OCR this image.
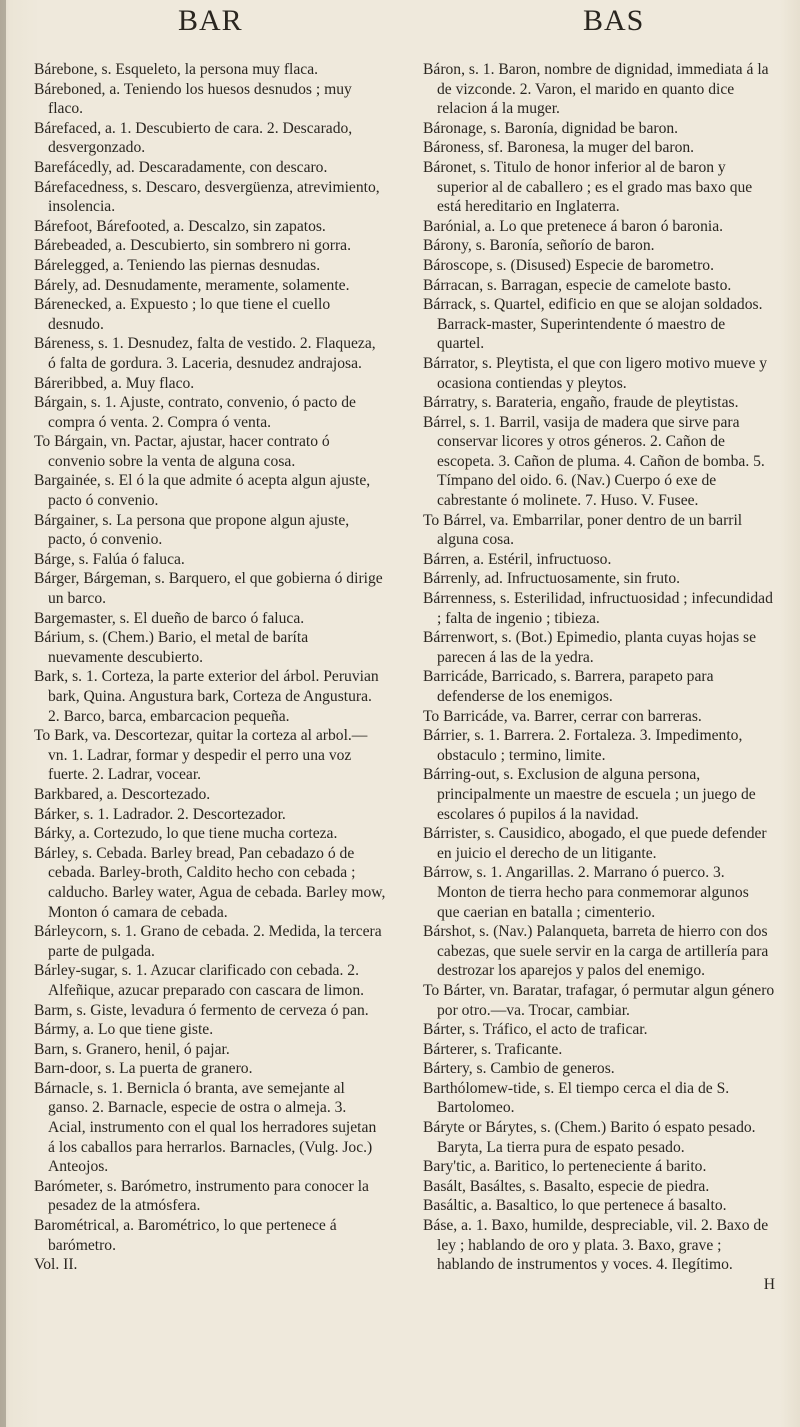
BAR	BAS

Bárebone, s. Esqueleto, la persona muy flaca.

Báreboned, a. Teniendo los huesos desnudos ; muy flaco.

Bárefaced, a. 1. Descubierto de cara. 2. Descarado, desvergonzado.

Barefácedly, ad. Descaradamente, con descaro.

Bárefacedness, s. Descaro, desvergüenza, atrevimiento, insolencia.

Bárefoot, Bárefooted, a. Descalzo, sin zapatos.

Bárebeaded, a. Descubierto, sin sombrero ni gorra.

Bárelegged, a. Teniendo las piernas desnudas.

Bárely, ad. Desnudamente, meramente, solamente.

Bárenecked, a. Expuesto ; lo que tiene el cuello desnudo.

Báreness, s. 1. Desnudez, falta de vestido. 2. Flaqueza, ó falta de gordura. 3. Laceria, desnudez andrajosa.

Báreribbed, a. Muy flaco.

Bárgain, s. 1. Ajuste, contrato, convenio, ó pacto de compra ó venta. 2. Compra ó venta.

To Bárgain, vn. Pactar, ajustar, hacer contrato ó convenio sobre la venta de alguna cosa.

Bargainée, s. El ó la que admite ó acepta algun ajuste, pacto ó convenio.

Bárgainer, s. La persona que propone algun ajuste, pacto, ó convenio.

Bárge, s. Falúa ó faluca.

Bárger, Bárgeman, s. Barquero, el que gobierna ó dirige un barco.

Bargemaster, s. El dueño de barco ó faluca.

Bárium, s. (Chem.) Bario, el metal de baríta nuevamente descubierto.

Bark, s. 1. Corteza, la parte exterior del árbol. Peruvian bark, Quina. Angustura bark, Corteza de Angustura. 2. Barco, barca, embarcacion pequeña.

To Bark, va. Descortezar, quitar la corteza al arbol.—vn. 1. Ladrar, formar y despedir el perro una voz fuerte. 2. Ladrar, vocear.

Barkbared, a. Descortezado.

Bárker, s. 1. Ladrador. 2. Descortezador.

Bárky, a. Cortezudo, lo que tiene mucha corteza.

Bárley, s. Cebada. Barley bread, Pan cebadazo ó de cebada. Barley-broth, Caldito hecho con cebada ; calducho. Barley water, Agua de cebada. Barley mow, Monton ó camara de cebada.

Bárleycorn, s. 1. Grano de cebada. 2. Medida, la tercera parte de pulgada.

Bárley-sugar, s. 1. Azucar clarificado con cebada. 2. Alfeñique, azucar preparado con cascara de limon.

Barm, s. Giste, levadura ó fermento de cerveza ó pan.

Bármy, a. Lo que tiene giste.

Barn, s. Granero, henil, ó pajar.

Barn-door, s. La puerta de granero.

Bárnacle, s. 1. Bernicla ó branta, ave semejante al ganso. 2. Barnacle, especie de ostra o almeja. 3. Acial, instrumento con el qual los herradores sujetan á los caballos para herrarlos. Barnacles, (Vulg. Joc.) Anteojos.

Barómeter, s. Barómetro, instrumento para conocer la pesadez de la atmósfera.

Barométrical, a. Barométrico, lo que pertenece á barómetro.

Vol. II.

Báron, s. 1. Baron, nombre de dignidad, immediata á la de vizconde. 2. Varon, el marido en quanto dice relacion á la muger.

Báronage, s. Baronía, dignidad be baron.

Bároness, sf. Baronesa, la muger del baron.

Báronet, s. Titulo de honor inferior al de baron y superior al de caballero ; es el grado mas baxo que está hereditario en Inglaterra.

Barónial, a. Lo que pretenece á baron ó baronia.

Bárony, s. Baronía, señorío de baron.

Bároscope, s. (Disused) Especie de barometro.

Bárracan, s. Barragan, especie de camelote basto.

Bárrack, s. Quartel, edificio en que se alojan soldados. Barrack-master, Superintendente ó maestro de quartel.

Bárrator, s. Pleytista, el que con ligero motivo mueve y ocasiona contiendas y pleytos.

Bárratry, s. Barateria, engaño, fraude de pleytistas.

Bárrel, s. 1. Barril, vasija de madera que sirve para conservar licores y otros géneros. 2. Cañon de escopeta. 3. Cañon de pluma. 4. Cañon de bomba. 5. Tímpano del oido. 6. (Nav.) Cuerpo ó exe de cabrestante ó molinete. 7. Huso. V. Fusee.

To Bárrel, va. Embarrilar, poner dentro de un barril alguna cosa.

Bárren, a. Estéril, infructuoso.

Bárrenly, ad. Infructuosamente, sin fruto.

Bárrenness, s. Esterilidad, infructuosidad ; infecundidad ; falta de ingenio ; tibieza.

Bárrenwort, s. (Bot.) Epimedio, planta cuyas hojas se parecen á las de la yedra.

Barricáde, Barricado, s. Barrera, parapeto para defenderse de los enemigos.

To Barricáde, va. Barrer, cerrar con barreras.

Bárrier, s. 1. Barrera. 2. Fortaleza. 3. Impedimento, obstaculo ; termino, limite.

Bárring-out, s. Exclusion de alguna persona, principalmente un maestre de escuela ; un juego de escolares ó pupilos á la navidad.

Bárrister, s. Causidico, abogado, el que puede defender en juicio el derecho de un litigante.

Bárrow, s. 1. Angarillas. 2. Marrano ó puerco. 3. Monton de tierra hecho para conmemorar algunos que caerian en batalla ; cimenterio.

Bárshot, s. (Nav.) Palanqueta, barreta de hierro con dos cabezas, que suele servir en la carga de artillería para destrozar los aparejos y palos del enemigo.

To Bárter, vn. Baratar, trafagar, ó permutar algun género por otro.—va. Trocar, cambiar.

Bárter, s. Tráfico, el acto de traficar.

Bárterer, s. Traficante.

Bártery, s. Cambio de generos.

Barthólomew-tide, s. El tiempo cerca el dia de S. Bartolomeo.

Báryte or Bárytes, s. (Chem.) Barito ó espato pesado. Baryta, La tierra pura de espato pesado.

Bary'tic, a. Baritico, lo perteneciente á barito.

Basált, Basáltes, s. Basalto, especie de piedra.

Basáltic, a. Basaltico, lo que pertenece á basalto.

Báse, a. 1. Baxo, humilde, despreciable, vil. 2. Baxo de ley ; hablando de oro y plata. 3. Baxo, grave ; hablando de instrumentos y voces. 4. Ilegítimo.

H
